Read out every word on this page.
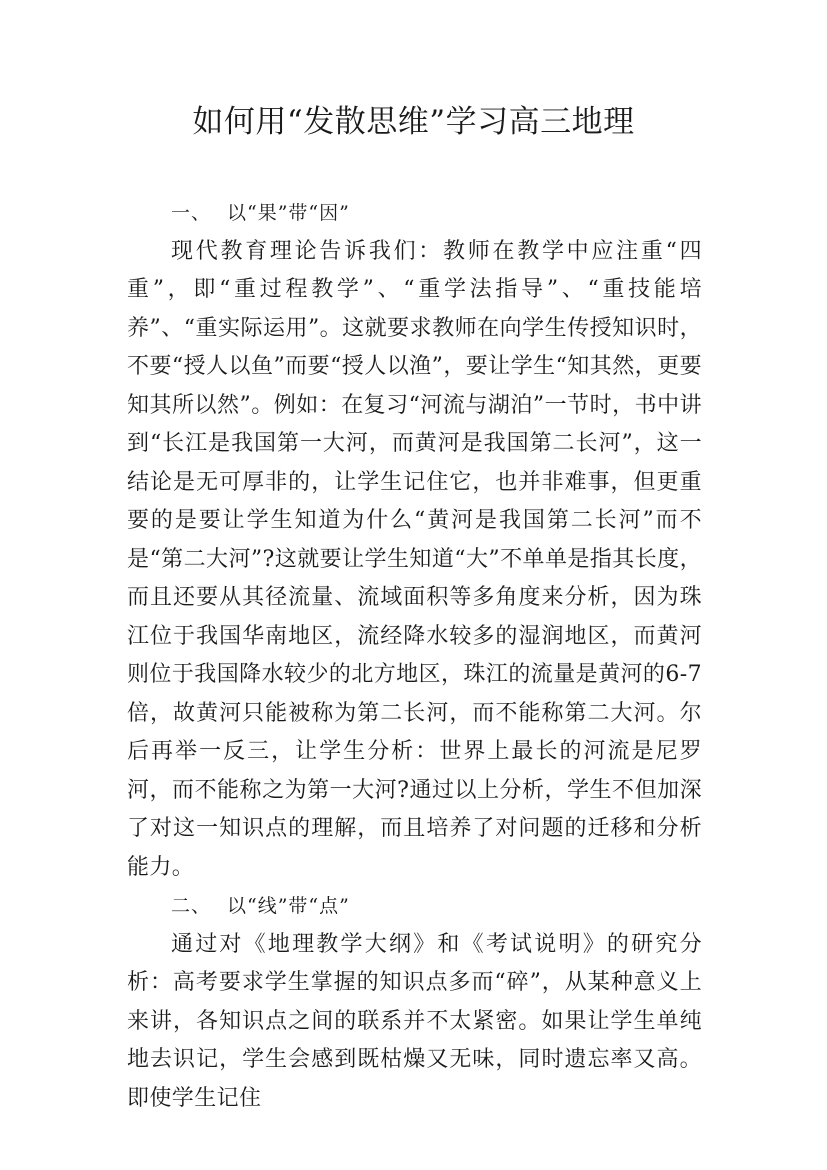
如何用“发散思维”学习高三地理

一、 以“果”带“因”

现代教育理论告诉我们：教师在教学中应注重“四重”，即“重过程教学”、“重学法指导”、“重技能培养”、“重实际运用”。这就要求教师在向学生传授知识时，不要“授人以鱼”而要“授人以渔”，要让学生“知其然，更要知其所以然”。例如：在复习“河流与湖泊”一节时，书中讲到“长江是我国第一大河，而黄河是我国第二长河”，这一结论是无可厚非的，让学生记住它，也并非难事，但更重要的是要让学生知道为什么“黄河是我国第二长河”而不是“第二大河”?这就要让学生知道“大”不单单是指其长度，而且还要从其径流量、流域面积等多角度来分析，因为珠江位于我国华南地区，流经降水较多的湿润地区，而黄河则位于我国降水较少的北方地区，珠江的流量是黄河的6-7倍，故黄河只能被称为第二长河，而不能称第二大河。尔后再举一反三，让学生分析：世界上最长的河流是尼罗河，而不能称之为第一大河?通过以上分析，学生不但加深了对这一知识点的理解，而且培养了对问题的迁移和分析能力。

二、 以“线”带“点”

通过对《地理教学大纲》和《考试说明》的研究分析：高考要求学生掌握的知识点多而“碎”，从某种意义上来讲，各知识点之间的联系并不太紧密。如果让学生单纯地去识记，学生会感到既枯燥又无味，同时遗忘率又高。即使学生记住
